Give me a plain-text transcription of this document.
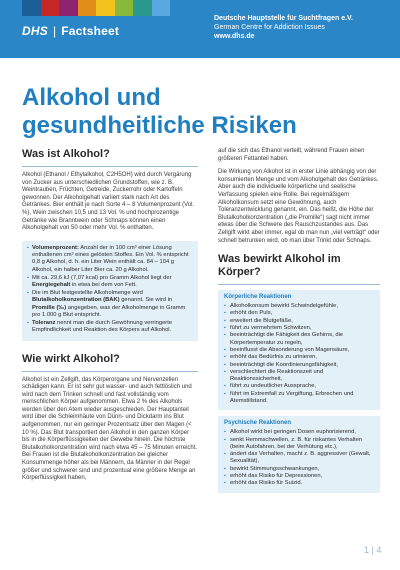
DHS | Factsheet
Deutsche Hauptstelle für Suchtfragen e.V.
German Centre for Addiction Issues
www.dhs.de
Alkohol und
gesundheitliche Risiken
Was ist Alkohol?

Alkohol (Ethanol / Ethylalkohol, C2H5OH) wird durch Vergärung von Zucker aus unterschiedlichen Grundstoffen, wie z. B. Weintrauben, Früchten, Getreide, Zuckerrohr oder Kartoffeln gewonnen. Der Alkoholgehalt variiert stark nach Art des Getränkes. Bier enthält je nach Sorte 4 – 8 Volumenprozent (Vol. %), Wein zwischen 10,5 und 13 Vol. % und hochprozentige Getränke wie Branntwein oder Schnaps können einen Alkoholgehalt von 50 oder mehr Vol. % enthalten.

▪ Volumenprozent: Anzahl der in 100 cm³ einer Lösung enthaltenen cm³ eines gelösten Stoffes. Ein Vol. % entspricht 0,8 g Alkohol, d. h. ein Liter Wein enthält ca. 84 – 104 g Alkohol, ein halber Liter Bier ca. 20 g Alkohol.
▪ Mit ca. 29,6 kJ (7,07 kcal) pro Gramm Alkohol liegt der Energiegehalt in etwa bei dem von Fett.
▪ Die im Blut festgestellte Alkoholmenge wird Blutalkoholkonzentration (BAK) genannt. Sie wird in Promille (‰) angegeben, was der Alkoholmenge in Gramm pro 1.000 g Blut entspricht.
▪ Toleranz nennt man die durch Gewöhnung verringerte Empfindlichkeit und Reaktion des Körpers auf Alkohol.
Wie wirkt Alkohol?

Alkohol ist ein Zellgift, das Körperorgane und Nervenzellen schädigen kann. Er ist sehr gut wasser- und auch fettlöslich und wird nach dem Trinken schnell und fast vollständig vom menschlichen Körper aufgenommen. Etwa 2 % des Alkohols werden über den Atem wieder ausgeschieden. Der Hauptanteil wird über die Schleimhäute von Dünn- und Dickdarm ins Blut aufgenommen, nur ein geringer Prozentsatz über den Magen (< 10 %). Das Blut transportiert den Alkohol in den ganzen Körper bis in die Körperflüssigkeiten der Gewebe hinein. Die höchste Blutalkoholkonzentration wird nach etwa 45 – 75 Minuten erreicht. Bei Frauen ist die Blutalkoholkonzentration bei gleicher Konsummenge höher als bei Männern, da Männer in der Regel größer und schwerer sind und prozentual eine größere Menge an Körperflüssigkeit haben,

auf die sich das Ethanol verteilt, während Frauen einen größeren Fettanteil haben.

Die Wirkung von Alkohol ist in erster Linie abhängig von der konsumierten Menge und vom Alkoholgehalt des Getränkes. Aber auch die individuelle körperliche und seelische Verfassung spielen eine Rolle. Bei regelmäßigem Alkoholkonsum setzt eine Gewöhnung, auch Toleranzentwicklung genannt, ein. Das heißt, die Höhe der Blutalkoholkonzentration („die Promille“) sagt nicht immer etwas über die Schwere des Rauschzustandes aus. Das Zellgift wirkt aber immer, egal ob man nun „viel verträgt“ oder schnell betrunken wird, ob man über Trinkt oder Schnaps.

Was bewirkt Alkohol im Körper?
Körperliche Reaktionen
▪ Alkoholkonsum bewirkt Schwindelgefühle,
▪ erhöht den Puls,
▪ erweitert die Blutgefäße,
▪ führt zu vermehrtem Schwitzen,
▪ beeinträchtigt die Fähigkeit des Gehirns, die Körpertemperatur zu regeln,
▪ beeinflusst die Absonderung von Magensäure,
▪ erhöht das Bedürfnis zu urinieren,
▪ beeinträchtigt die Koordinierungsfähigkeit,
▪ verschlechtert die Reaktionszeit und Reaktionssicherheit,
▪ führt zu undeutlicher Aussprache,
▪ führt im Extremfall zu Vergiftung, Erbrechen und Atemstillstand.
Psychische Reaktionen
▪ Alkohol wirkt bei geringen Dosen euphorisierend,
▪ senkt Hemmschwellen, z. B. für riskantes Verhalten (beim Autofahren, bei der Verhütung etc.),
▪ ändert das Verhalten, macht z. B. aggressiver (Gewalt, Sexualität),
▪ bewirkt Stimmungsschwankungen,
▪ erhöht das Risiko für Depressionen,
▪ erhöht das Risiko für Suizid.
1 | 4
